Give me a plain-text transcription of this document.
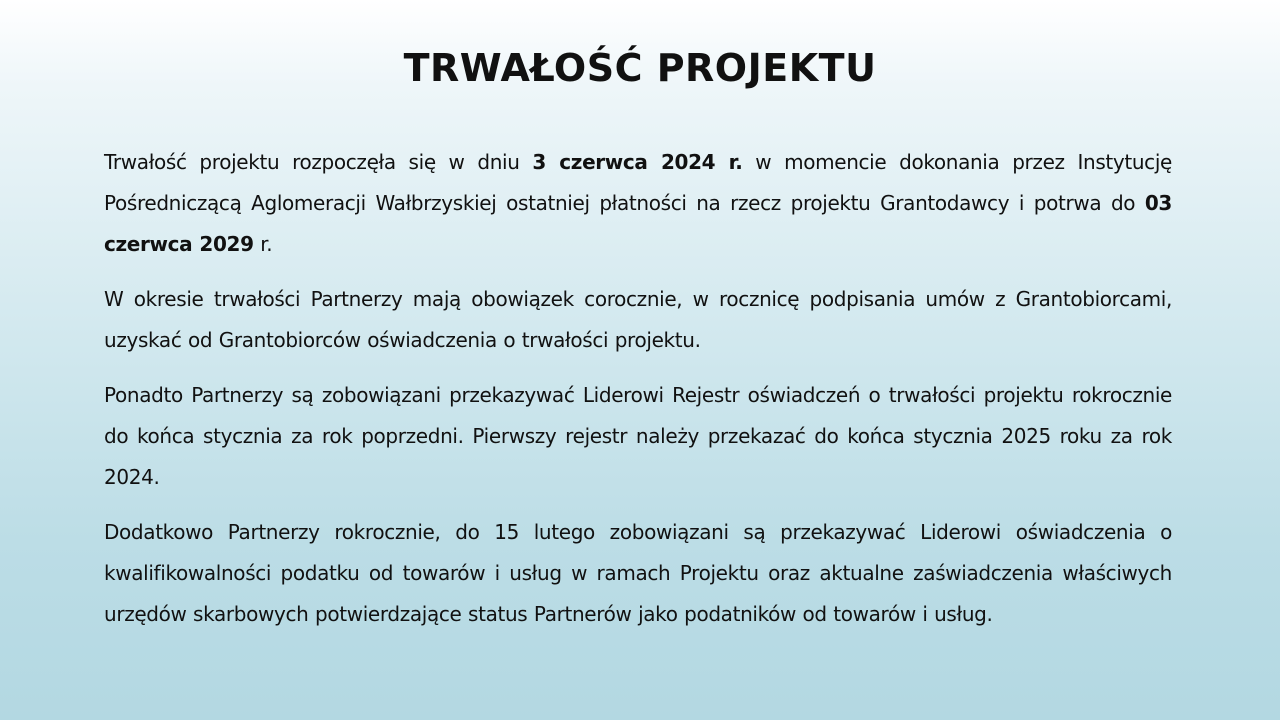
TRWAŁOŚĆ PROJEKTU

Trwałość projektu rozpoczęła się w dniu 3 czerwca 2024 r. w momencie dokonania przez Instytucję Pośredniczącą Aglomeracji Wałbrzyskiej ostatniej płatności na rzecz projektu Grantodawcy i potrwa do 03 czerwca 2029 r.

W okresie trwałości Partnerzy mają obowiązek corocznie, w rocznicę podpisania umów z Grantobiorcami, uzyskać od Grantobiorców oświadczenia o trwałości projektu.

Ponadto Partnerzy są zobowiązani przekazywać Liderowi Rejestr oświadczeń o trwałości projektu rokrocznie do końca stycznia za rok poprzedni. Pierwszy rejestr należy przekazać do końca stycznia 2025 roku za rok 2024.

Dodatkowo Partnerzy rokrocznie, do 15 lutego zobowiązani są przekazywać Liderowi oświadczenia o kwalifikowalności podatku od towarów i usług w ramach Projektu oraz aktualne zaświadczenia właściwych urzędów skarbowych potwierdzające status Partnerów jako podatników od towarów i usług.
